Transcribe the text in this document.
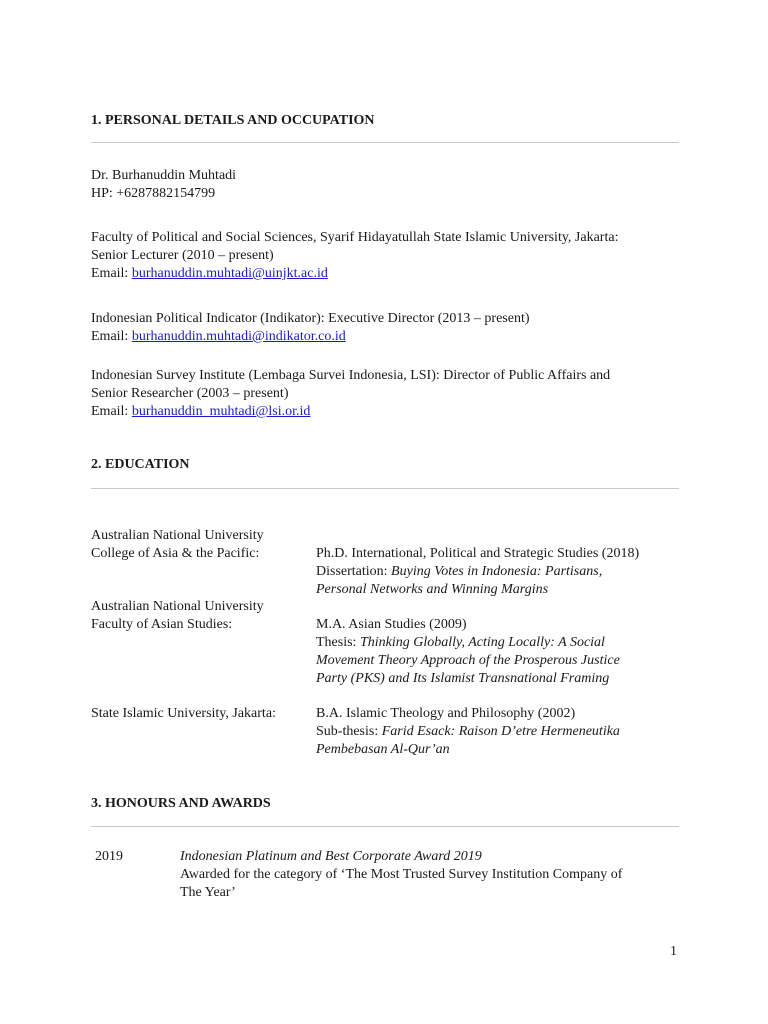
1. PERSONAL DETAILS AND OCCUPATION
Dr. Burhanuddin Muhtadi
HP: +6287882154799
Faculty of Political and Social Sciences, Syarif Hidayatullah State Islamic University, Jakarta:
Senior Lecturer (2010 – present)
Email: burhanuddin.muhtadi@uinjkt.ac.id
Indonesian Political Indicator (Indikator): Executive Director (2013 – present)
Email: burhanuddin.muhtadi@indikator.co.id
Indonesian Survey Institute (Lembaga Survei Indonesia, LSI): Director of Public Affairs and
Senior Researcher (2003 – present)
Email: burhanuddin_muhtadi@lsi.or.id
2. EDUCATION
Australian National University
College of Asia & the Pacific:	Ph.D. International, Political and Strategic Studies (2018)
Dissertation: Buying Votes in Indonesia: Partisans,
Personal Networks and Winning Margins
Australian National University
Faculty of Asian Studies:	M.A. Asian Studies (2009)
Thesis: Thinking Globally, Acting Locally: A Social
Movement Theory Approach of the Prosperous Justice
Party (PKS) and Its Islamist Transnational Framing
State Islamic University, Jakarta:	B.A. Islamic Theology and Philosophy (2002)
Sub-thesis: Farid Esack: Raison D’etre Hermeneutika
Pembebasan Al-Qur’an
3. HONOURS AND AWARDS
2019	Indonesian Platinum and Best Corporate Award 2019
Awarded for the category of ‘The Most Trusted Survey Institution Company of
The Year’
1
